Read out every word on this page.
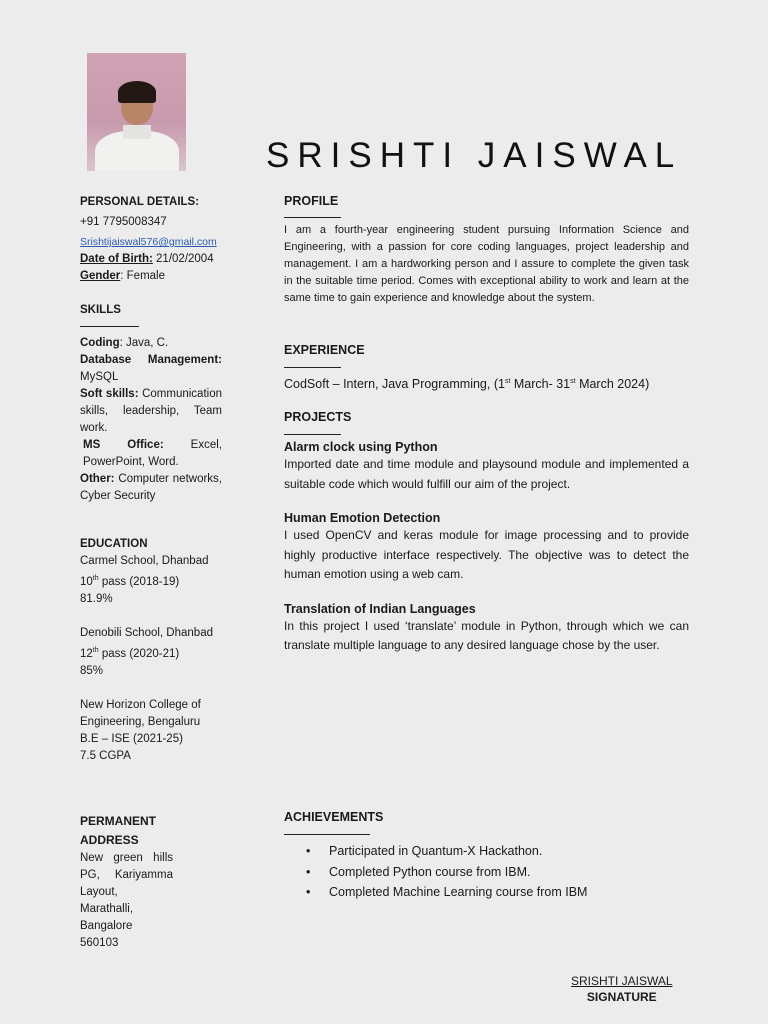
SRISHTI JAISWAL
PERSONAL DETAILS:
+91 7795008347
Srishtijaiswal576@gmail.com
Date of Birth: 21/02/2004
Gender: Female
SKILLS
Coding: Java, C.
Database Management:
MySQL
Soft skills: Communication skills, leadership, Team work.
MS Office: Excel, PowerPoint, Word.
Other: Computer networks, Cyber Security
EDUCATION
Carmel School, Dhanbad
10th pass (2018-19)
81.9%
Denobili School, Dhanbad
12th pass (2020-21)
85%
New Horizon College of Engineering, Bengaluru
B.E – ISE (2021-25)
7.5 CGPA
PERMANENT
ADDRESS
New green hills PG, Kariyamma Layout,
Marathalli,
Bangalore
560103
PROFILE
I am a fourth-year engineering student pursuing Information Science and Engineering, with a passion for core coding languages, project leadership and management. I am a hardworking person and I assure to complete the given task in the suitable time period. Comes with exceptional ability to work and learn at the same time to gain experience and knowledge about the system.
EXPERIENCE
CodSoft – Intern, Java Programming, (1st March- 31st March 2024)
PROJECTS
Alarm clock using Python
Imported date and time module and playsound module and implemented a suitable code which would fulfill our aim of the project.
Human Emotion Detection
I used OpenCV and keras module for image processing and to provide highly productive interface respectively. The objective was to detect the human emotion using a web cam.
Translation of Indian Languages
In this project I used ‘translate’ module in Python, through which we can translate multiple language to any desired language chose by the user.
ACHIEVEMENTS
• Participated in Quantum-X Hackathon.
• Completed Python course from IBM.
• Completed Machine Learning course from IBM
SRISHTI JAISWAL
SIGNATURE
